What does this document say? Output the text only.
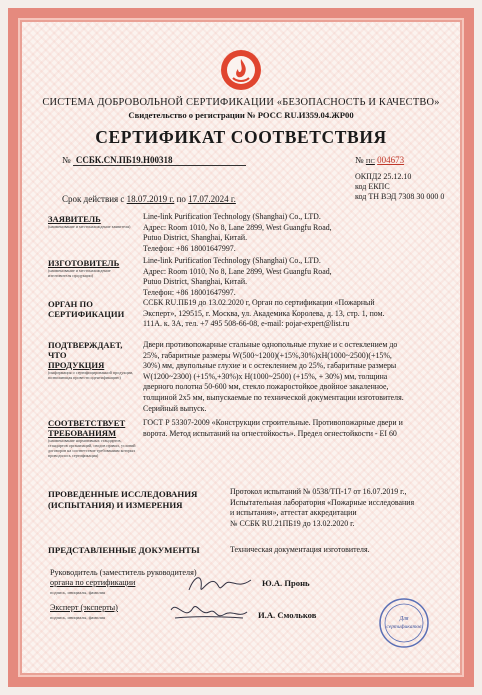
СИСТЕМА ДОБРОВОЛЬНОЙ СЕРТИФИКАЦИИ «БЕЗОПАСНОСТЬ И КАЧЕСТВО»
Свидетельство о регистрации № РОСС RU.И359.04.ЖР00
СЕРТИФИКАТ СООТВЕТСТВИЯ
№ ССБК.CN.ПБ19.Н00318	№ ПС 004673
ОКПД2 25.12.10
код ЕКПС
код ТН ВЭД 7308 30 000 0
Срок действия с 18.07.2019 г. по 17.07.2024 г.
ЗАЯВИТЕЛЬ
(наименование и местонахождение заявителя)
Line-link Purification Technology (Shanghai) Co., LTD.
Адрес: Room 1010, No 8, Lane 2899, West Guangfu Road,
Putuo District, Shanghai, Китай.
Телефон: +86 18001647997.
ИЗГОТОВИТЕЛЬ
(наименование и местонахождение изготовителя продукции)
Line-link Purification Technology (Shanghai) Co., LTD.
Адрес: Room 1010, No 8, Lane 2899, West Guangfu Road,
Putuo District, Shanghai, Китай.
Телефон: +86 18001647997.
ОРГАН ПО
СЕРТИФИКАЦИИ
ССБК RU.ПБ19 до 13.02.2020 г, Орган по сертификации «Пожарный
Эксперт», 129515, г. Москва, ул. Академика Королева, д. 13, стр. 1, пом.
111А. к. 3А, тел. +7 495 508-66-08, e-mail: pojar-expert@list.ru
ПОДТВЕРЖДАЕТ, ЧТО
ПРОДУКЦИЯ
(информация о сертифицированной продукции, позволяющая провести идентификацию)
Двери противопожарные стальные однопольные глухие и с остеклением до
25%, габаритные размеры W(500~1200)(+15%,30%)xH(1000~2500)(+15%,
30%) мм, двупольные глухие и с остеклением до 25%, габаритные размеры
W(1200~2300) (+15%,+30%)x H(1000~2500) (+15%, + 30%) мм, толщина
дверного полотна 50-600 мм, стекло пожаростойкое двойное закаленное,
толщиной 2x5 мм, выпускаемые по технической документации изготовителя.
Серийный выпуск.
СООТВЕТСТВУЕТ
ТРЕБОВАНИЯМ
(наименование нормативных стандартов, стандартов организаций, сводов правил, условий договоров на соответствие требованиям которых проводилось сертификация)
ГОСТ Р 53307-2009 «Конструкции строительные. Противопожарные двери и
ворота. Метод испытаний на огнестойкость». Предел огнестойкости - EI 60
ПРОВЕДЕННЫЕ ИССЛЕДОВАНИЯ
(ИСПЫТАНИЯ) И ИЗМЕРЕНИЯ
Протокол испытаний № 0538/ТП-17 от 16.07.2019 г.,
Испытательная лаборатория «Пожарные исследования
и испытания», аттестат аккредитации
№ ССБК RU.21ПБ19 до 13.02.2020 г.
ПРЕДСТАВЛЕННЫЕ ДОКУМЕНТЫ	Техническая документация изготовителя.
Руководитель (заместитель руководителя)
органа по сертификации
подпись, инициалы, фамилия
Ю.А. Пронь
Эксперт (эксперты)
подпись, инициалы, фамилия	И.А. Смольков	Для
сертификатов
